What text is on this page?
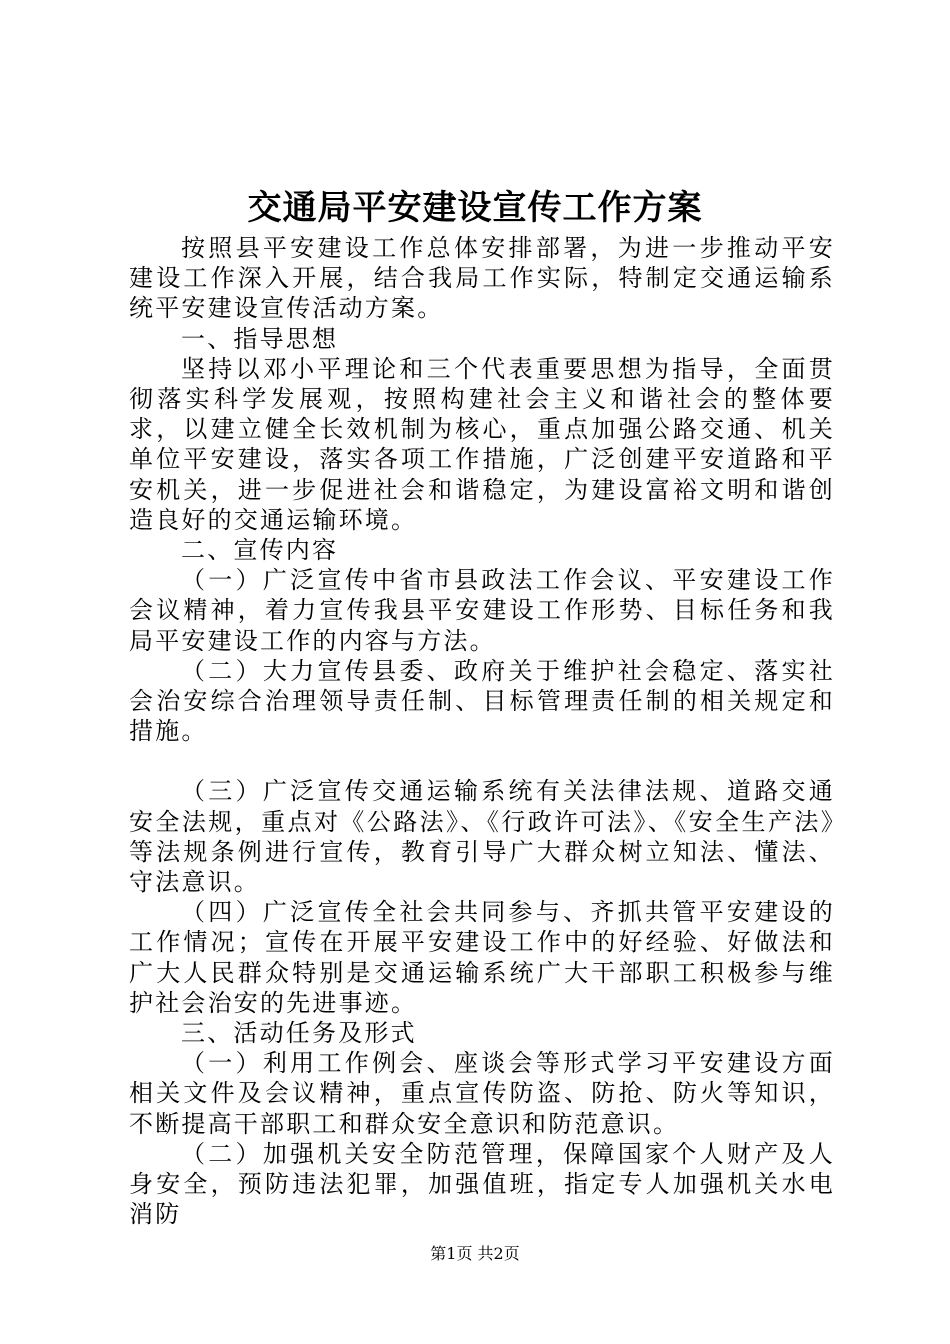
交通局平安建设宣传工作方案

按照县平安建设工作总体安排部署，为进一步推动平安建设工作深入开展，结合我局工作实际，特制定交通运输系统平安建设宣传活动方案。

一、指导思想

坚持以邓小平理论和三个代表重要思想为指导，全面贯彻落实科学发展观，按照构建社会主义和谐社会的整体要求，以建立健全长效机制为核心，重点加强公路交通、机关单位平安建设，落实各项工作措施，广泛创建平安道路和平安机关，进一步促进社会和谐稳定，为建设富裕文明和谐创造良好的交通运输环境。

二、宣传内容

（一）广泛宣传中省市县政法工作会议、平安建设工作会议精神，着力宣传我县平安建设工作形势、目标任务和我局平安建设工作的内容与方法。

（二）大力宣传县委、政府关于维护社会稳定、落实社会治安综合治理领导责任制、目标管理责任制的相关规定和措施。

（三）广泛宣传交通运输系统有关法律法规、道路交通安全法规，重点对《公路法》、《行政许可法》、《安全生产法》等法规条例进行宣传，教育引导广大群众树立知法、懂法、守法意识。

（四）广泛宣传全社会共同参与、齐抓共管平安建设的工作情况；宣传在开展平安建设工作中的好经验、好做法和广大人民群众特别是交通运输系统广大干部职工积极参与维护社会治安的先进事迹。

三、活动任务及形式

（一）利用工作例会、座谈会等形式学习平安建设方面相关文件及会议精神，重点宣传防盗、防抢、防火等知识，不断提高干部职工和群众安全意识和防范意识。

（二）加强机关安全防范管理，保障国家个人财产及人身安全，预防违法犯罪，加强值班，指定专人加强机关水电消防

第1页 共2页
